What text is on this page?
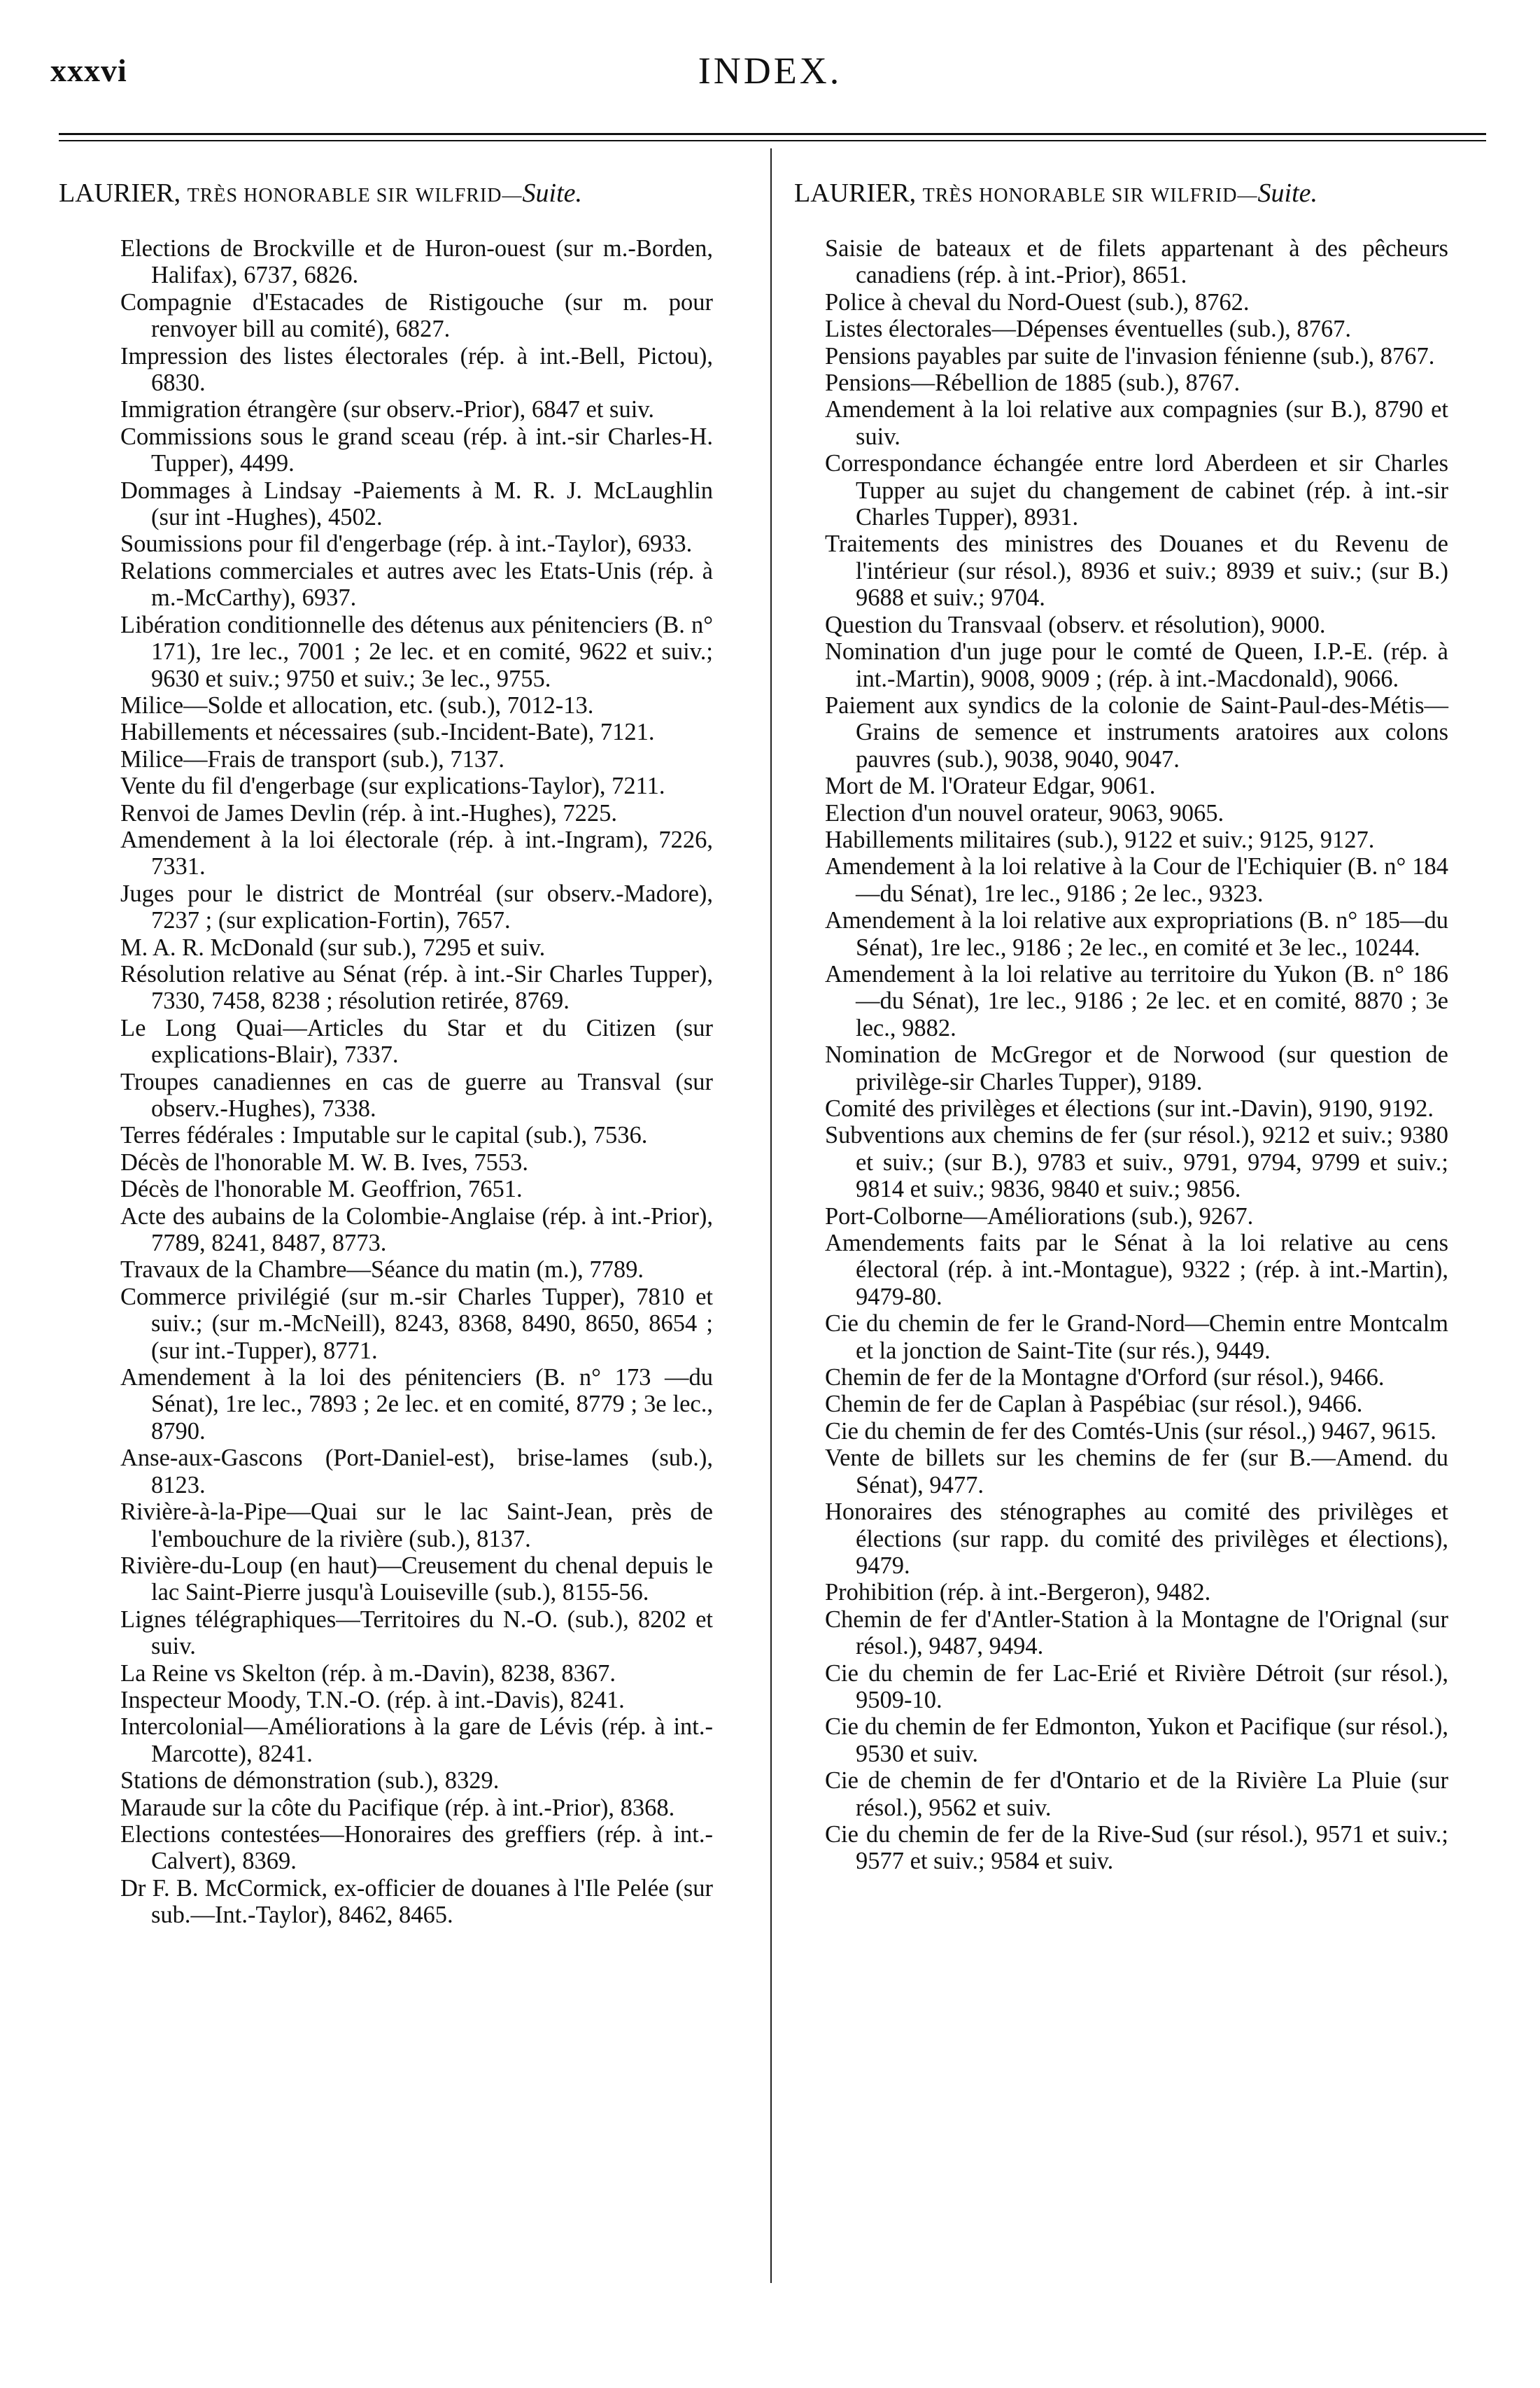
xxxvi	INDEX.
LAURIER, TRÈS HONORABLE SIR WILFRID—Suite.
Elections de Brockville et de Huron-ouest (sur m.-Borden, Halifax), 6737, 6826.
Compagnie d'Estacades de Ristigouche (sur m. pour renvoyer bill au comité), 6827.
Impression des listes électorales (rép. à int.-Bell, Pictou), 6830.
Immigration étrangère (sur observ.-Prior), 6847 et suiv.
Commissions sous le grand sceau (rép. à int.-sir Charles-H. Tupper), 4499.
Dommages à Lindsay -Paiements à M. R. J. McLaughlin (sur int -Hughes), 4502.
Soumissions pour fil d'engerbage (rép. à int.-Taylor), 6933.
Relations commerciales et autres avec les Etats-Unis (rép. à m.-McCarthy), 6937.
Libération conditionnelle des détenus aux pénitenciers (B. n° 171), 1re lec., 7001 ; 2e lec. et en comité, 9622 et suiv.; 9630 et suiv.; 9750 et suiv.; 3e lec., 9755.
Milice—Solde et allocation, etc. (sub.), 7012-13.
Habillements et nécessaires (sub.-Incident-Bate), 7121.
Milice—Frais de transport (sub.), 7137.
Vente du fil d'engerbage (sur explications-Taylor), 7211.
Renvoi de James Devlin (rép. à int.-Hughes), 7225.
Amendement à la loi électorale (rép. à int.-Ingram), 7226, 7331.
Juges pour le district de Montréal (sur observ.-Madore), 7237 ; (sur explication-Fortin), 7657.
M. A. R. McDonald (sur sub.), 7295 et suiv.
Résolution relative au Sénat (rép. à int.-Sir Charles Tupper), 7330, 7458, 8238 ; résolution retirée, 8769.
Le Long Quai—Articles du Star et du Citizen (sur explications-Blair), 7337.
Troupes canadiennes en cas de guerre au Transval (sur observ.-Hughes), 7338.
Terres fédérales : Imputable sur le capital (sub.), 7536.
Décès de l'honorable M. W. B. Ives, 7553.
Décès de l'honorable M. Geoffrion, 7651.
Acte des aubains de la Colombie-Anglaise (rép. à int.-Prior), 7789, 8241, 8487, 8773.
Travaux de la Chambre—Séance du matin (m.), 7789.
Commerce privilégié (sur m.-sir Charles Tupper), 7810 et suiv.; (sur m.-McNeill), 8243, 8368, 8490, 8650, 8654 ; (sur int.-Tupper), 8771.
Amendement à la loi des pénitenciers (B. n° 173 —du Sénat), 1re lec., 7893 ; 2e lec. et en comité, 8779 ; 3e lec., 8790.
Anse-aux-Gascons (Port-Daniel-est), brise-lames (sub.), 8123.
Rivière-à-la-Pipe—Quai sur le lac Saint-Jean, près de l'embouchure de la rivière (sub.), 8137.
Rivière-du-Loup (en haut)—Creusement du chenal depuis le lac Saint-Pierre jusqu'à Louiseville (sub.), 8155-56.
Lignes télégraphiques—Territoires du N.-O. (sub.), 8202 et suiv.
La Reine vs Skelton (rép. à m.-Davin), 8238, 8367.
Inspecteur Moody, T.N.-O. (rép. à int.-Davis), 8241.
Intercolonial—Améliorations à la gare de Lévis (rép. à int.-Marcotte), 8241.
Stations de démonstration (sub.), 8329.
Maraude sur la côte du Pacifique (rép. à int.-Prior), 8368.
Elections contestées—Honoraires des greffiers (rép. à int.-Calvert), 8369.
Dr F. B. McCormick, ex-officier de douanes à l'Ile Pelée (sur sub.—Int.-Taylor), 8462, 8465.
LAURIER, TRÈS HONORABLE SIR WILFRID—Suite.
Saisie de bateaux et de filets appartenant à des pêcheurs canadiens (rép. à int.-Prior), 8651.
Police à cheval du Nord-Ouest (sub.), 8762.
Listes électorales—Dépenses éventuelles (sub.), 8767.
Pensions payables par suite de l'invasion fénienne (sub.), 8767.
Pensions—Rébellion de 1885 (sub.), 8767.
Amendement à la loi relative aux compagnies (sur B.), 8790 et suiv.
Correspondance échangée entre lord Aberdeen et sir Charles Tupper au sujet du changement de cabinet (rép. à int.-sir Charles Tupper), 8931.
Traitements des ministres des Douanes et du Revenu de l'intérieur (sur résol.), 8936 et suiv.; 8939 et suiv.; (sur B.) 9688 et suiv.; 9704.
Question du Transvaal (observ. et résolution), 9000.
Nomination d'un juge pour le comté de Queen, I.P.-E. (rép. à int.-Martin), 9008, 9009 ; (rép. à int.-Macdonald), 9066.
Paiement aux syndics de la colonie de Saint-Paul-des-Métis—Grains de semence et instruments aratoires aux colons pauvres (sub.), 9038, 9040, 9047.
Mort de M. l'Orateur Edgar, 9061.
Election d'un nouvel orateur, 9063, 9065.
Habillements militaires (sub.), 9122 et suiv.; 9125, 9127.
Amendement à la loi relative à la Cour de l'Echiquier (B. n° 184—du Sénat), 1re lec., 9186 ; 2e lec., 9323.
Amendement à la loi relative aux expropriations (B. n° 185—du Sénat), 1re lec., 9186 ; 2e lec., en comité et 3e lec., 10244.
Amendement à la loi relative au territoire du Yukon (B. n° 186—du Sénat), 1re lec., 9186 ; 2e lec. et en comité, 8870 ; 3e lec., 9882.
Nomination de McGregor et de Norwood (sur question de privilège-sir Charles Tupper), 9189.
Comité des privilèges et élections (sur int.-Davin), 9190, 9192.
Subventions aux chemins de fer (sur résol.), 9212 et suiv.; 9380 et suiv.; (sur B.), 9783 et suiv., 9791, 9794, 9799 et suiv.; 9814 et suiv.; 9836, 9840 et suiv.; 9856.
Port-Colborne—Améliorations (sub.), 9267.
Amendements faits par le Sénat à la loi relative au cens électoral (rép. à int.-Montague), 9322 ; (rép. à int.-Martin), 9479-80.
Cie du chemin de fer le Grand-Nord—Chemin entre Montcalm et la jonction de Saint-Tite (sur rés.), 9449.
Chemin de fer de la Montagne d'Orford (sur résol.), 9466.
Chemin de fer de Caplan à Paspébiac (sur résol.), 9466.
Cie du chemin de fer des Comtés-Unis (sur résol.,) 9467, 9615.
Vente de billets sur les chemins de fer (sur B.—Amend. du Sénat), 9477.
Honoraires des sténographes au comité des privilèges et élections (sur rapp. du comité des privilèges et élections), 9479.
Prohibition (rép. à int.-Bergeron), 9482.
Chemin de fer d'Antler-Station à la Montagne de l'Orignal (sur résol.), 9487, 9494.
Cie du chemin de fer Lac-Erié et Rivière Détroit (sur résol.), 9509-10.
Cie du chemin de fer Edmonton, Yukon et Pacifique (sur résol.), 9530 et suiv.
Cie de chemin de fer d'Ontario et de la Rivière La Pluie (sur résol.), 9562 et suiv.
Cie du chemin de fer de la Rive-Sud (sur résol.), 9571 et suiv.; 9577 et suiv.; 9584 et suiv.
